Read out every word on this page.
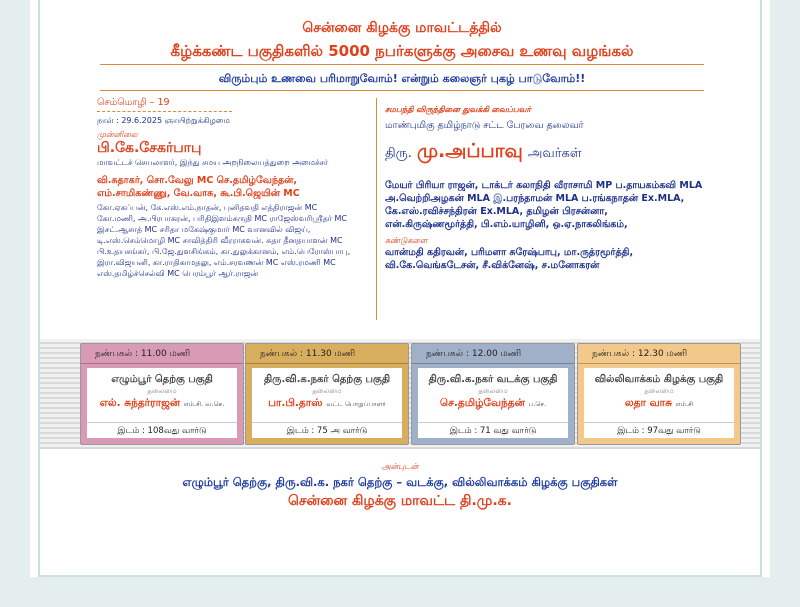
சென்னை கிழக்கு மாவட்டத்தில்
கீழ்க்கண்ட பகுதிகளில் 5000 நபர்களுக்கு அசைவ உணவு வழங்கல்
விரும்பும் உணவை பரிமாறுவோம்! என்றும் கலைஞர் புகழ் பாடுவோம்!!
செம்மொழி – 19
நாள் : 29.6.2025 ஞாயிற்றுக்கிழமை
முன்னிலை
பி.கே.சேகர்பாபு
மாவட்டச் செயலாளர், இந்து சமய அறநிலையத்துறை அமைச்சர்
வி.சுதாகர், சொ.வேலு MC செ.தமிழ்வேந்தன்,
எம்.சாமிகண்ணு, வே.வாசு, கூ.பி.ஜெயின் MC
கோ.ஏகப்பன், கே.எஸ்.எம்.நாதன், புனிதவதி எத்திராஜன் MC
கோ.மணி, அ.பிரபாகரன், பரிதிஇளம்சுருதி MC ராஜேஸ்வரிஸ்ரீதர் MC
இசட்.ஆசாத் MC சரிதா மகேஷ்குமார் MC வானவில் விஜய்,
டி.எஸ்.செம்மொழி MC சாவித்திரி வீரராகவன். சுதா தீனதயாளன் MC
பி.உதயசங்கர், பி.ஜே.துளசிங்கம், கா.துலுக்கானம், எம்.பெரோஸ்பாபு,
இரா.விஜயனி, கா.ராதிகாமதலு, எம்.சரவணன் MC எஸ்.ரமணி MC
எஸ்.தமிழ்ச்செல்வி MC பெரம்பூர் ஆர்.ராஜன்
சமபந்தி விருந்தினை துவக்கி வைப்பவர்
மாண்புமிகு தமிழ்நாடு சட்ட பேரவை தலைவர்
திரு. மு.அப்பாவு அவர்கள்
மேயர் பிரியா ராஜன், டாக்டர் கலாநிதி வீராசாமி MP ப.தாயகம்கவி MLA
அ.வெற்றிஅழகன் MLA இ.பரந்தாமன் MLA ப.ரங்கநாதன் Ex.MLA,
கே.எஸ்.ரவிச்சந்திரன் Ex.MLA, தமிழன் பிரசன்னா,
என்.கிருஷ்ணமூர்த்தி, பி.எம்.யாழினி, ஒ.ஏ.நாகலிங்கம்,
கண்டுகளை
வான்மதி கதிரவன், பரிமளா சுரேஷ்பாபு, மா.ருத்ரமூர்த்தி,
வி.கே.வெங்கடேசன், சீ.விக்னேஷ், ச.மனோகரன்
நண்பகல் : 11.00 மணி
எழும்பூர் தெற்கு பகுதி
தலைமை
எல். சுந்தர்ராஜன் எம்.சி. வ.செ.
இடம் : 108வது வார்டு
நண்பகல் : 11.30 மணி
திரு.வி.க.நகர் தெற்கு பகுதி
தலைமை
பா.பி.தாஸ் வட்ட பொறுப்பாளர்
இடம் : 75 அ வார்டு
நண்பகல் : 12.00 மணி
திரு.வி.க.நகர் வடக்கு பகுதி
தலைமை
செ.தமிழ்வேந்தன் ப.செ.
இடம் : 71 வது வார்டு
நண்பகல் : 12.30 மணி
வில்லிவாக்கம் கிழக்கு பகுதி
தலைமை
லதா வாசு எம்.சி
இடம் : 97வது வார்டு
அன்புடன்
எழும்பூர் தெற்கு, திரு.வி.க. நகர் தெற்கு – வடக்கு, வில்லிவாக்கம் கிழக்கு பகுதிகள்
சென்னை கிழக்கு மாவட்ட தி.மு.க.
